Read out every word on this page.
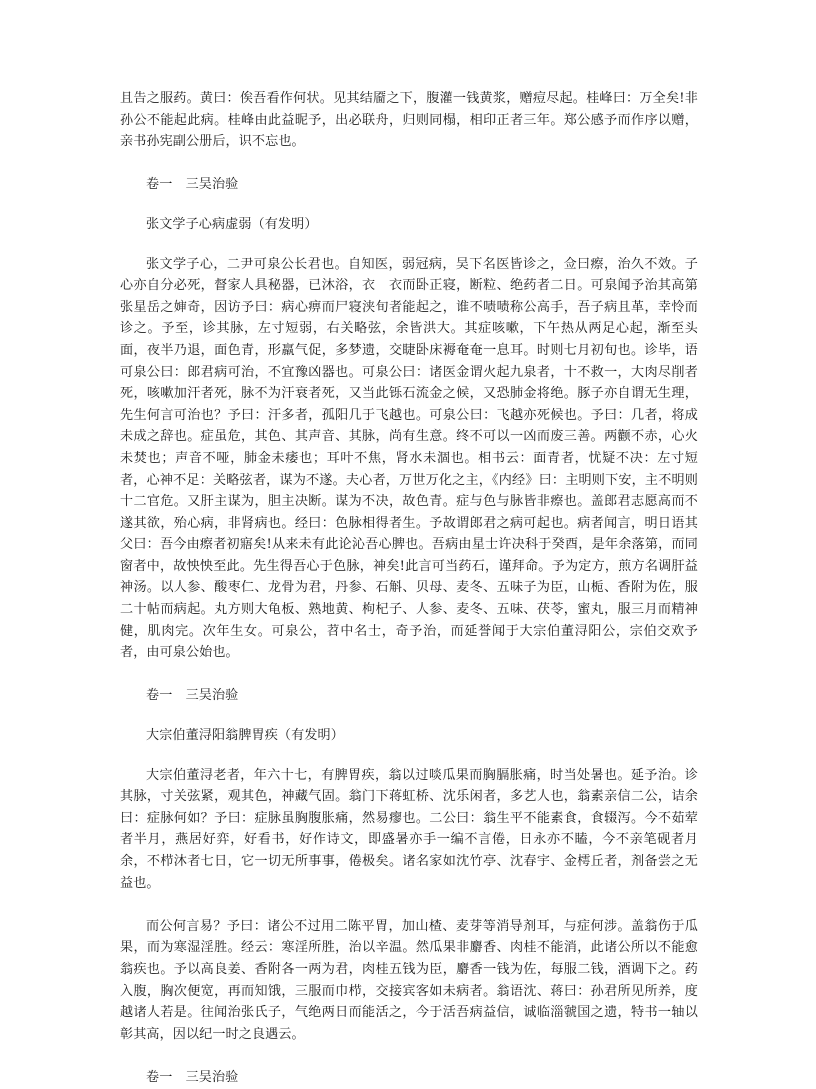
且告之服药。黄曰：俟吾看作何状。见其结靥之下，腹灌一钱黄浆，赠痘尽起。桂峰曰：万全矣!非孙公不能起此病。桂峰由此益昵予，出必联舟，归则同榻，相印正者三年。郑公感予而作序以赠，亲书孙宪副公册后，识不忘也。

卷一　三吴治验

张文学子心病虚弱（有发明）

张文学子心，二尹可泉公长君也。自知医，弱冠病，吴下名医皆诊之，佥曰瘵，治久不效。子心亦自分必死，督家人具秘器，已沐浴，衣　衣而卧正寝，断粒、绝药者二日。可泉闻予治其高第张星岳之婶奇，因访予曰：病心痹而尸寝浃旬者能起之，谁不啧啧称公高手，吾子病且革，幸怜而诊之。予至，诊其脉，左寸短弱，右关略弦，余皆洪大。其症咳嗽，下午热从两足心起，渐至头面，夜半乃退，面色青，形羸气促，多梦遗，交睫卧床褥奄奄一息耳。时则七月初旬也。诊毕，语可泉公曰：郎君病可治，不宜豫凶器也。可泉公曰：诸医金谓火起九泉者，十不救一，大肉尽削者死，咳嗽加汗者死，脉不为汗衰者死，又当此铄石流金之候，又恐肺金将绝。豚子亦自谓无生理，先生何言可治也？予曰：汗多者，孤阳几于飞越也。可泉公曰：飞越亦死候也。予曰：几者，将成未成之辞也。症虽危，其色、其声音、其脉，尚有生意。终不可以一凶而废三善。两颧不赤，心火未焚也；声音不哑，肺金未痿也；耳叶不焦，肾水未涸也。相书云：面青者，忧疑不决：左寸短者，心神不足：关略弦者，谋为不遂。夫心者，万世万化之主，《内经》曰：主明则下安，主不明则十二官危。又肝主谋为，胆主决断。谋为不决，故色青。症与色与脉皆非瘵也。盖郎君志愿高而不遂其欲，殆心病，非肾病也。经曰：色脉相得者生。予故谓郎君之病可起也。病者闻言，明日语其父曰：吾今由瘵者初寤矣!从来未有此论沁吾心脾也。吾病由星士许决科于癸酉，是年余落第，而同窗者中，故怏怏至此。先生得吾心于色脉，神矣!此言可当药石，谨拜命。予为定方，煎方名调肝益神汤。以人参、酸枣仁、龙骨为君，丹参、石斛、贝母、麦冬、五味子为臣，山栀、香附为佐，服二十帖而病起。丸方则大龟板、熟地黄、枸杞子、人参、麦冬、五味、茯苓，蜜丸，服三月而精神健，肌肉完。次年生女。可泉公，苕中名士，奇予治，而延誉闻于大宗伯董浔阳公，宗伯交欢予者，由可泉公始也。

卷一　三吴治验

大宗伯董浔阳翁脾胃疾（有发明）

大宗伯董浔老者，年六十七，有脾胃疾，翁以过啖瓜果而胸膈胀痛，时当处暑也。延予治。诊其脉，寸关弦紧，观其色，神藏气固。翁门下蒋虹桥、沈乐闲者，多艺人也，翁素亲信二公，诘余曰：症脉何如？予曰：症脉虽胸腹胀痛，然易瘳也。二公曰：翁生平不能素食，食辍泻。今不茹荤者半月，燕居好弈，好看书，好作诗文，即盛暑亦手一编不言倦，日永亦不瞌，今不亲笔砚者月余，不栉沐者七日，它一切无所事事，倦极矣。诸名家如沈竹亭、沈春宇、金樗丘者，剂备尝之无益也。

而公何言易？予曰：诸公不过用二陈平胃，加山楂、麦芽等消导剂耳，与症何涉。盖翁伤于瓜果，而为寒湿淫胜。经云：寒淫所胜，治以辛温。然瓜果非麝香、肉桂不能消，此诸公所以不能愈翁疾也。予以高良姜、香附各一两为君，肉桂五钱为臣，麝香一钱为佐，每服二钱，酒调下之。药入腹，胸次便宽，再而知饿，三服而巾栉，交接宾客如未病者。翁语沈、蒋曰：孙君所见所养，度越诸人若是。往闻治张氏子，气绝两日而能活之，今于活吾病益信，诚临淄虢国之遗，特书一轴以彰其高，因以纪一时之良遇云。

卷一　三吴治验
